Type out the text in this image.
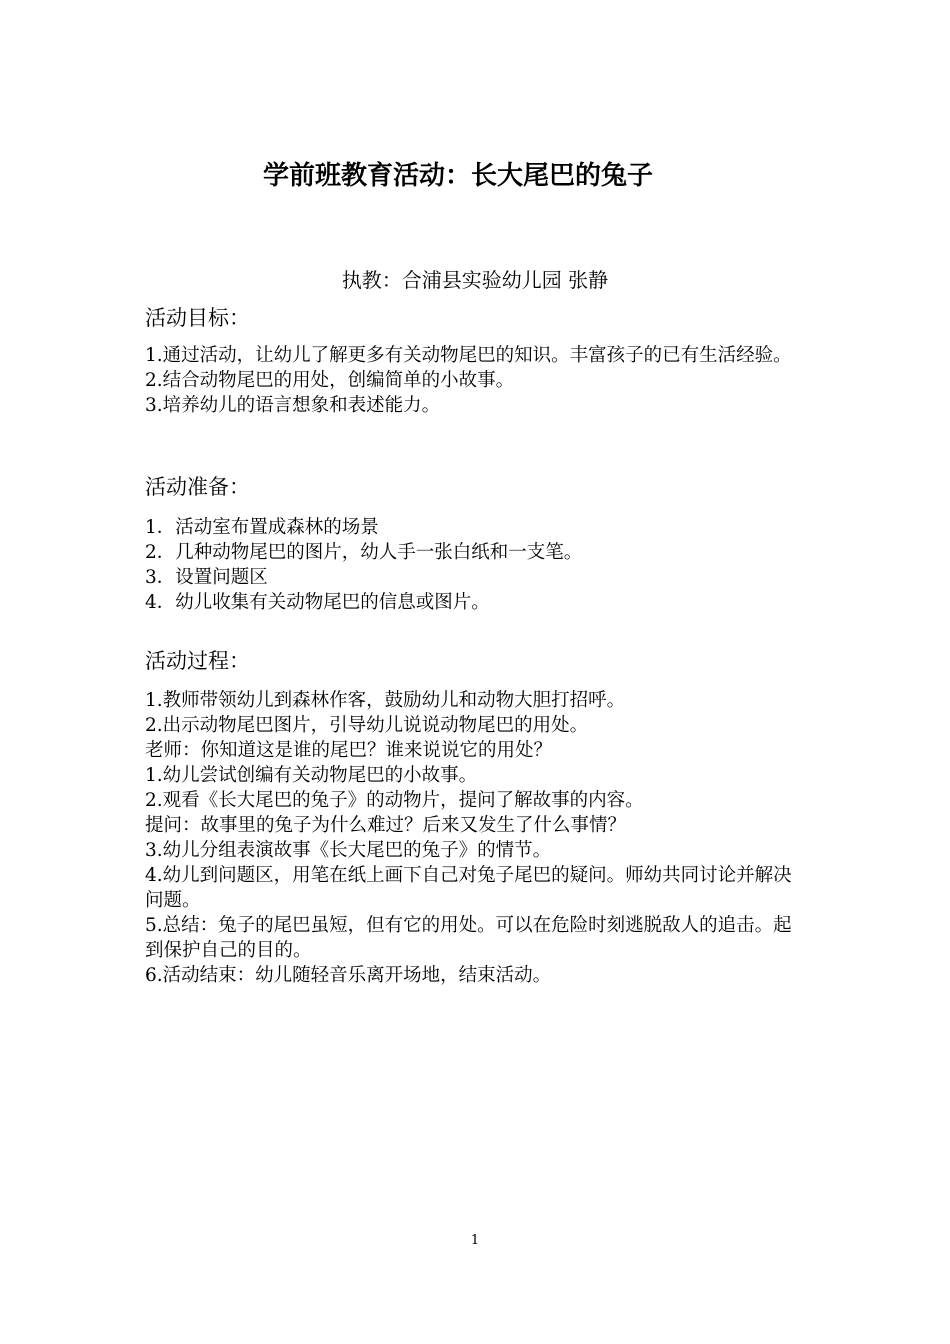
学前班教育活动：长大尾巴的兔子

执教：合浦县实验幼儿园 张静

活动目标：
1.通过活动，让幼儿了解更多有关动物尾巴的知识。丰富孩子的已有生活经验。
2.结合动物尾巴的用处，创编简单的小故事。
3.培养幼儿的语言想象和表述能力。
活动准备：
1．活动室布置成森林的场景
2．几种动物尾巴的图片，幼人手一张白纸和一支笔。
3．设置问题区
4．幼儿收集有关动物尾巴的信息或图片。
活动过程：
1.教师带领幼儿到森林作客，鼓励幼儿和动物大胆打招呼。
2.出示动物尾巴图片，引导幼儿说说动物尾巴的用处。
老师：你知道这是谁的尾巴？谁来说说它的用处？
1.幼儿尝试创编有关动物尾巴的小故事。
2.观看《长大尾巴的兔子》的动物片，提问了解故事的内容。
提问：故事里的兔子为什么难过？后来又发生了什么事情？
3.幼儿分组表演故事《长大尾巴的兔子》的情节。
4.幼儿到问题区，用笔在纸上画下自己对兔子尾巴的疑问。师幼共同讨论并解决问题。
5.总结：兔子的尾巴虽短，但有它的用处。可以在危险时刻逃脱敌人的追击。起到保护自己的目的。
6.活动结束：幼儿随轻音乐离开场地，结束活动。
1
